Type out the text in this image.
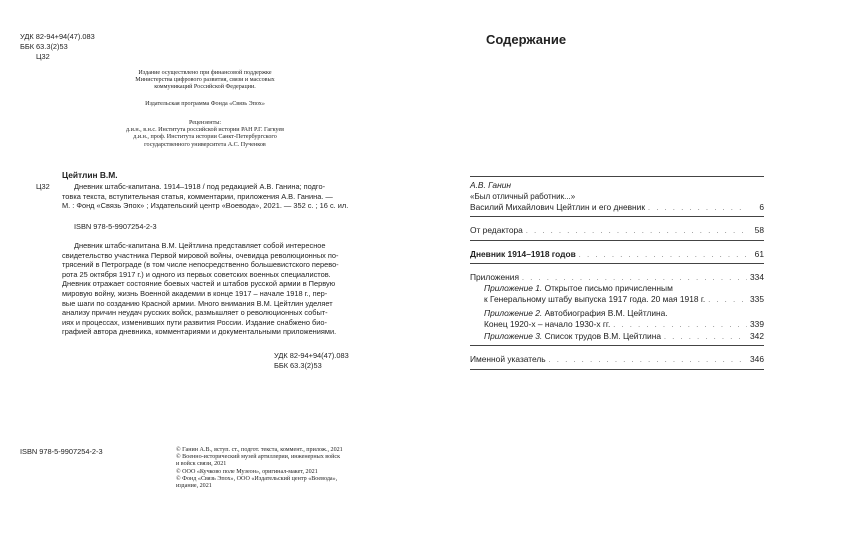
УДК 82-94+94(47).083
ББК 63.3(2)53
Ц32
Издание осуществлено при финансовой поддержке
Министерства цифрового развития, связи и массовых
коммуникаций Российской Федерации.
Издательская программа Фонда «Связь Эпох»
Рецензенты:
д.и.н., в.н.с. Института российской истории РАН Р.Г. Гагкуев
д.и.н., проф. Института истории Санкт-Петербургского
государственного университета А.С. Пученков
Цейтлин В.М.
Ц32	Дневник штабс-капитана. 1914–1918 / под редакцией А.В. Ганина; подго-
товка текста, вступительная статья, комментарии, приложения А.В. Ганина. —
М. : Фонд «Связь Эпох» ; Издательский центр «Воевода», 2021. — 352 с. ; 16 с. ил.
ISBN 978-5-9907254-2-3
Дневник штабс-капитана В.М. Цейтлина представляет собой интересное
свидетельство участника Первой мировой войны, очевидца революционных по-
трясений в Петрограде (в том числе непосредственно большевистского перево-
рота 25 октября 1917 г.) и одного из первых советских военных специалистов.
Дневник отражает состояние боевых частей и штабов русской армии в Первую
мировую войну, жизнь Военной академии в конце 1917 – начале 1918 г., пер-
вые шаги по созданию Красной армии. Много внимания В.М. Цейтлин уделяет
анализу причин неудач русских войск, размышляет о революционных событ-
иях и процессах, изменивших пути развития России. Издание снабжено био-
графией автора дневника, комментариями и документальными приложениями.
УДК 82-94+94(47).083
ББК 63.3(2)53
ISBN 978-5-9907254-2-3	© Ганин А.В., вступ. ст., подгот. текста, коммент., прилож., 2021
© Военно-исторический музей артиллерии, инженерных войск
и войск связи, 2021
© ООО «Кучково поле Музеон», оригинал-макет, 2021
© Фонд «Связь Эпох», ООО «Издательский центр «Воевода»,
издание, 2021
Содержание
А.В. Ганин
«Был отличный работник...»
Василий Михайлович Цейтлин и его дневник . . .	6
От редактора . . .	58
Дневник 1914–1918 годов . . .	61
Приложения . . .	334
Приложение 1. Открытое письмо причисленным
к Генеральному штабу выпуска 1917 года. 20 мая 1918 г. . . .	335
Приложение 2. Автобиография В.М. Цейтлина.
Конец 1920-х – начало 1930-х гг. . . .	339
Приложение 3. Список трудов В.М. Цейтлина . . .	342
Именной указатель . . .	346
